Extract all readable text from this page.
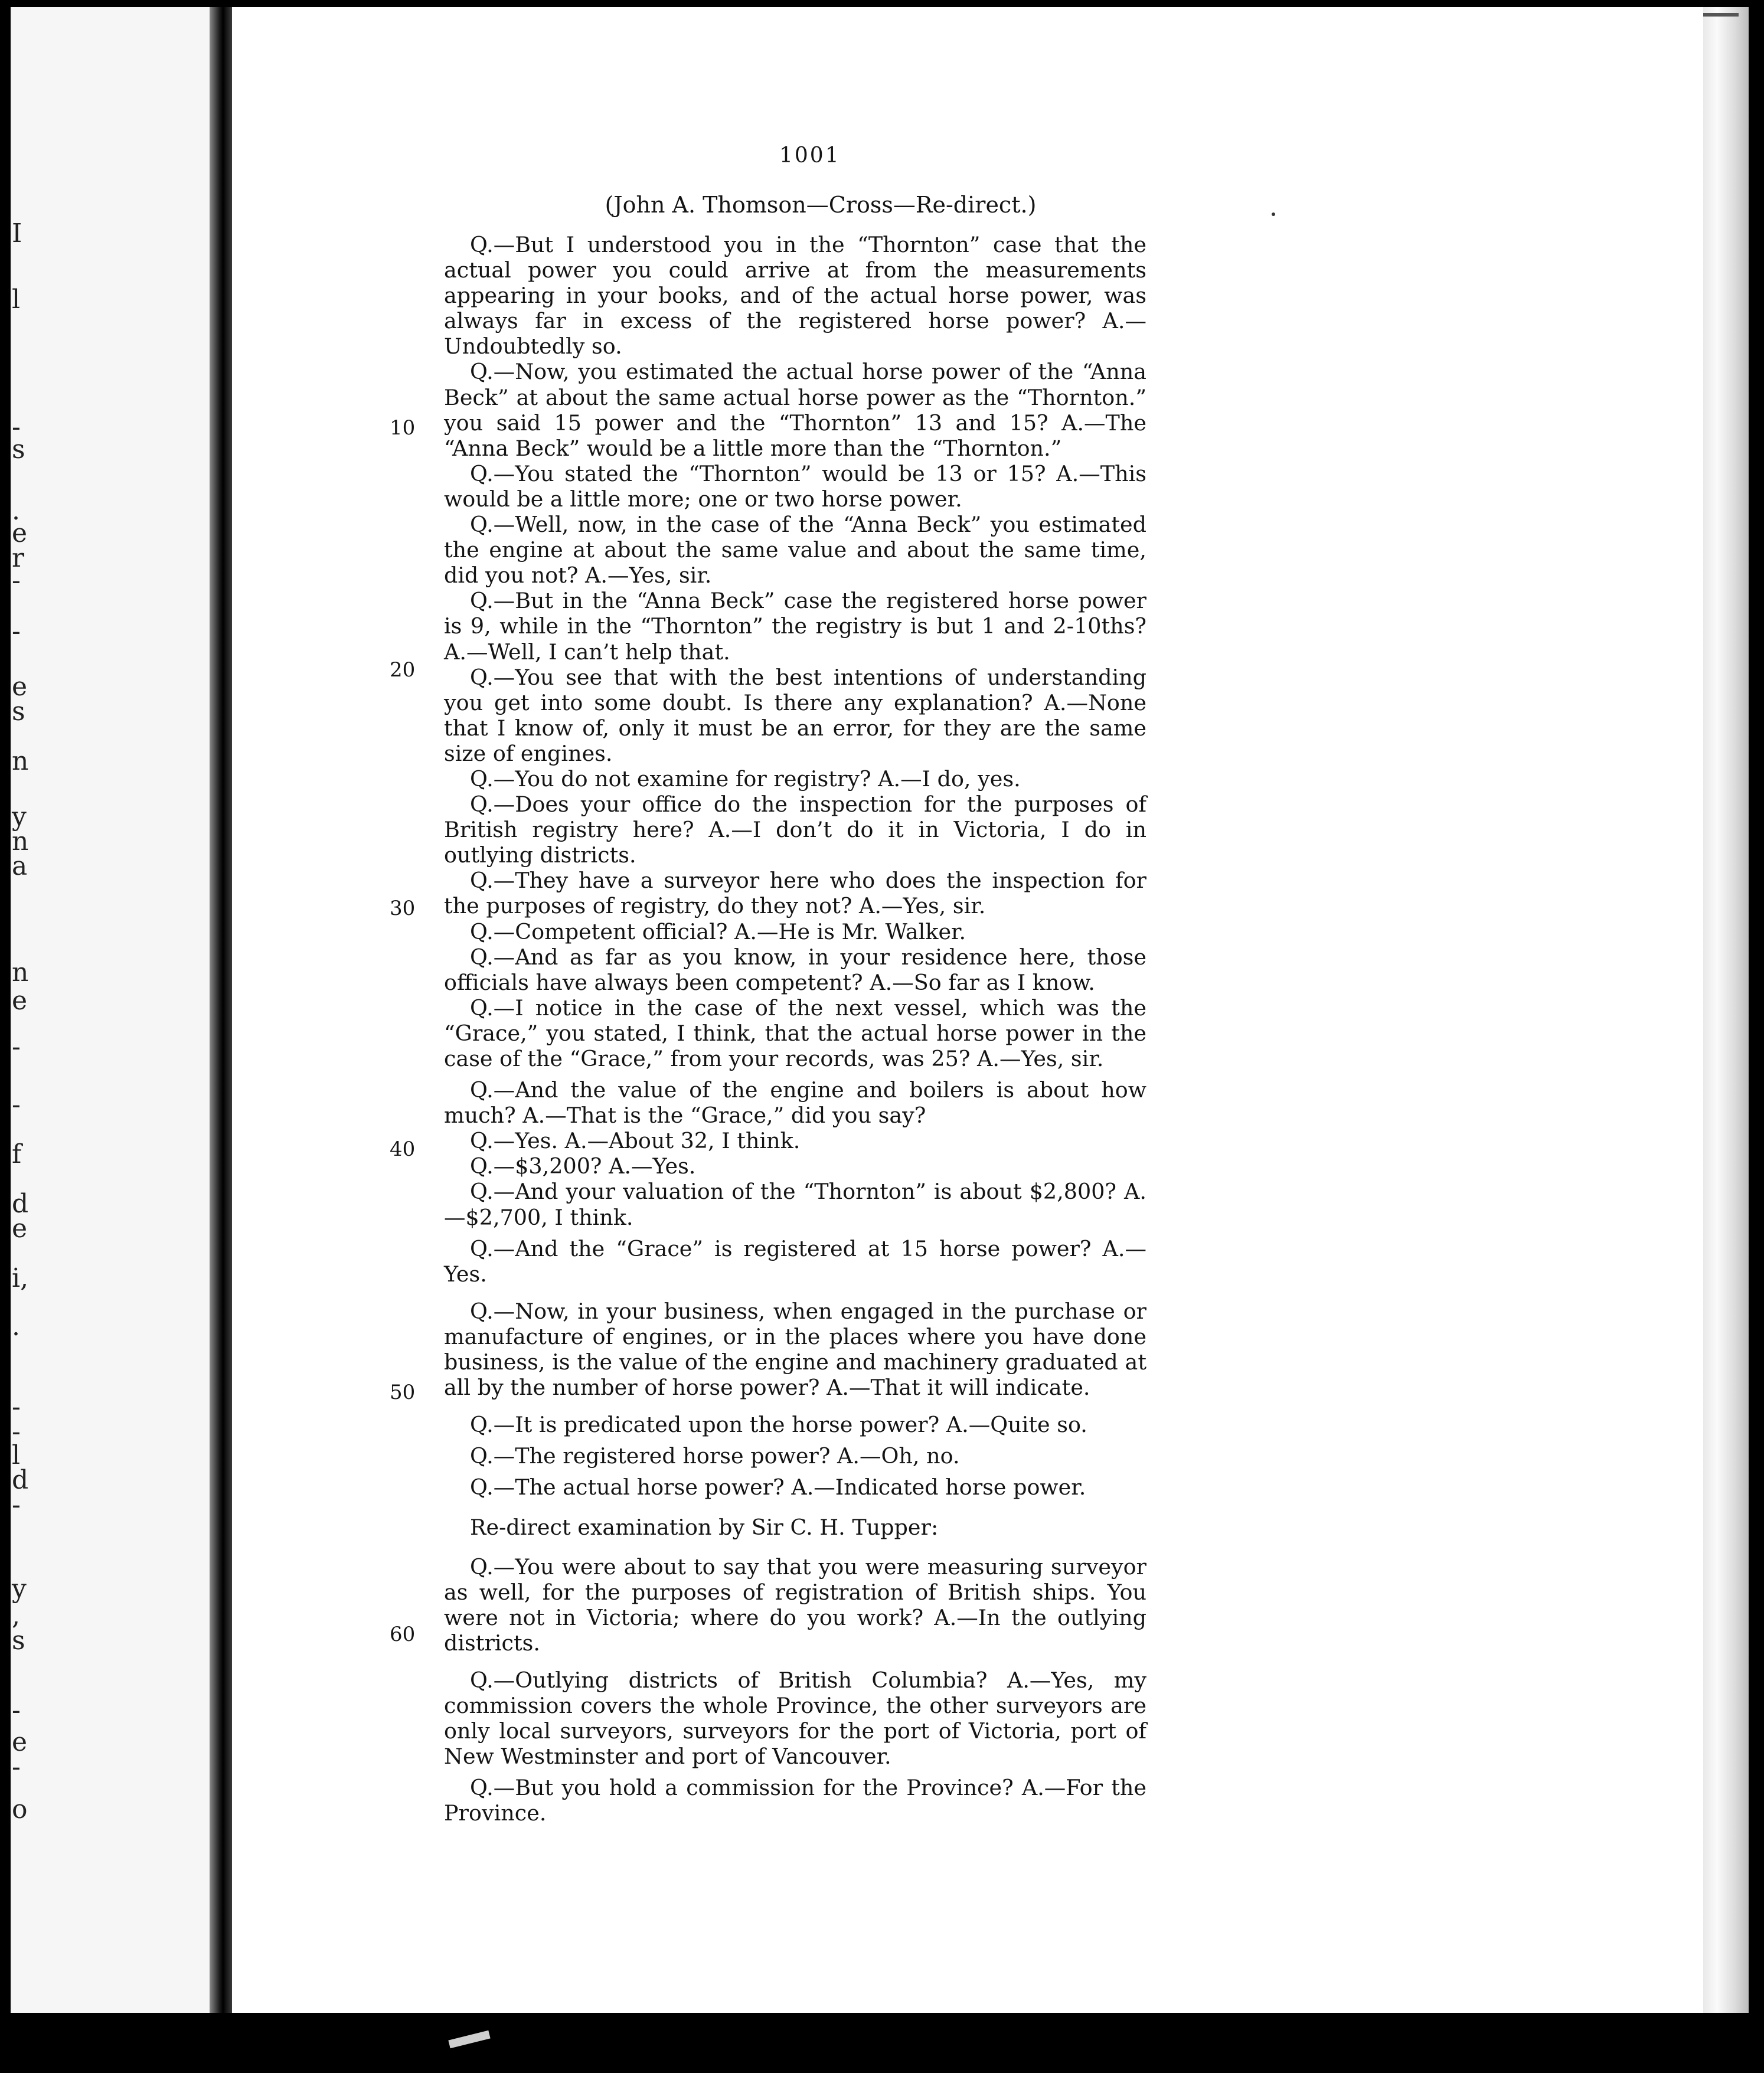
I
l
-
s
.
e
r
-
-
e
s
n
y
n
a
n
e
-
-
f
d
e
i,
.
-
-
l
d
-
y
,
s
-
e
-
o
1001
(John A. Thomson—Cross—Re-direct.)
10
20
30
40
50
60

Q.—But I understood you in the “Thornton” case that the actual power you could arrive at from the measurements appearing in your books, and of the actual horse power, was always far in excess of the registered horse power? A.—Undoubtedly so.

Q.—Now, you estimated the actual horse power of the “Anna Beck” at about the same actual horse power as the “Thornton.” you said 15 power and the “Thornton” 13 and 15? A.—The “Anna Beck” would be a little more than the “Thornton.”

Q.—You stated the “Thornton” would be 13 or 15? A.—This would be a little more; one or two horse power.

Q.—Well, now, in the case of the “Anna Beck” you estimated the engine at about the same value and about the same time, did you not? A.—Yes, sir.

Q.—But in the “Anna Beck” case the registered horse power is 9, while in the “Thornton” the registry is but 1 and 2-10ths? A.—Well, I can’t help that.

Q.—You see that with the best intentions of understanding you get into some doubt. Is there any explanation? A.—None that I know of, only it must be an error, for they are the same size of engines.

Q.—You do not examine for registry? A.—I do, yes.

Q.—Does your office do the inspection for the purposes of British registry here? A.—I don’t do it in Victoria, I do in outlying districts.

Q.—They have a surveyor here who does the inspection for the purposes of registry, do they not? A.—Yes, sir.

Q.—Competent official? A.—He is Mr. Walker.

Q.—And as far as you know, in your residence here, those officials have always been competent? A.—So far as I know.

Q.—I notice in the case of the next vessel, which was the “Grace,” you stated, I think, that the actual horse power in the case of the “Grace,” from your records, was 25? A.—Yes, sir.

Q.—And the value of the engine and boilers is about how much? A.—That is the “Grace,” did you say?

Q.—Yes. A.—About 32, I think.

Q.—$3,200? A.—Yes.

Q.—And your valuation of the “Thornton” is about $2,800? A.—$2,700, I think.

Q.—And the “Grace” is registered at 15 horse power? A.—Yes.

Q.—Now, in your business, when engaged in the purchase or manufacture of engines, or in the places where you have done business, is the value of the engine and machinery graduated at all by the number of horse power? A.—That it will indicate.

Q.—It is predicated upon the horse power? A.—Quite so.

Q.—The registered horse power? A.—Oh, no.

Q.—The actual horse power? A.—Indicated horse power.

Re-direct examination by Sir C. H. Tupper:

Q.—You were about to say that you were measuring surveyor as well, for the purposes of registration of British ships. You were not in Victoria; where do you work? A.—In the outlying districts.

Q.—Outlying districts of British Columbia? A.—Yes, my commission covers the whole Province, the other surveyors are only local surveyors, surveyors for the port of Victoria, port of New Westminster and port of Vancouver.

Q.—But you hold a commission for the Province? A.—For the Province.
